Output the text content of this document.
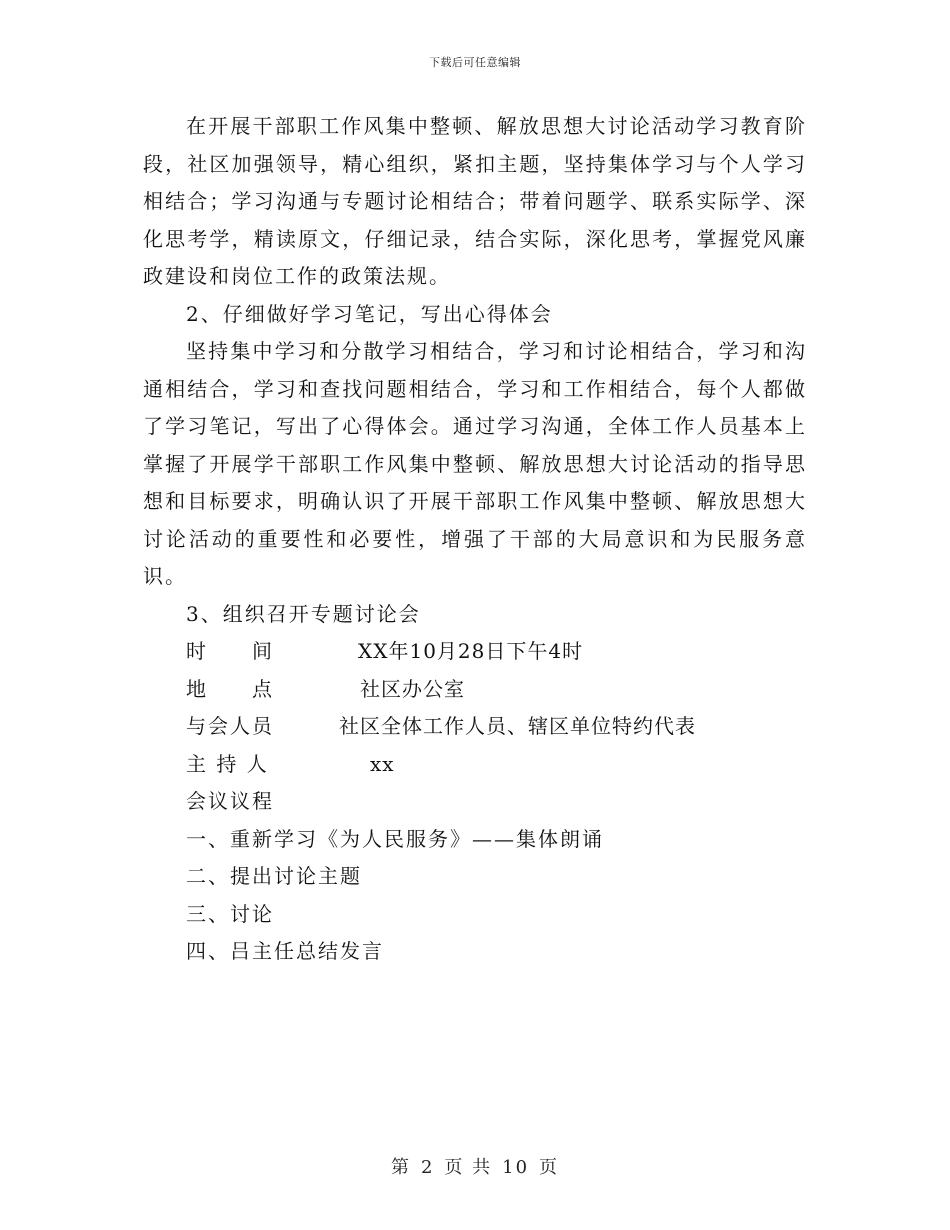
下载后可任意编辑

在开展干部职工作风集中整顿、解放思想大讨论活动学习教育阶段，社区加强领导，精心组织，紧扣主题，坚持集体学习与个人学习相结合；学习沟通与专题讨论相结合；带着问题学、联系实际学、深化思考学，精读原文，仔细记录，结合实际，深化思考，掌握党风廉政建设和岗位工作的政策法规。

2、仔细做好学习笔记，写出心得体会

坚持集中学习和分散学习相结合，学习和讨论相结合，学习和沟通相结合，学习和查找问题相结合，学习和工作相结合，每个人都做了学习笔记，写出了心得体会。通过学习沟通，全体工作人员基本上掌握了开展学干部职工作风集中整顿、解放思想大讨论活动的指导思想和目标要求，明确认识了开展干部职工作风集中整顿、解放思想大讨论活动的重要性和必要性，增强了干部的大局意识和为民服务意识。

3、组织召开专题讨论会

时　　间	XX年10月28日下午4时
地　　点	社区办公室
与会人员	社区全体工作人员、辖区单位特约代表
主 持 人	xx

会议议程

一、重新学习《为人民服务》——集体朗诵

二、提出讨论主题

三、讨论

四、吕主任总结发言

第 2 页 共 10 页
